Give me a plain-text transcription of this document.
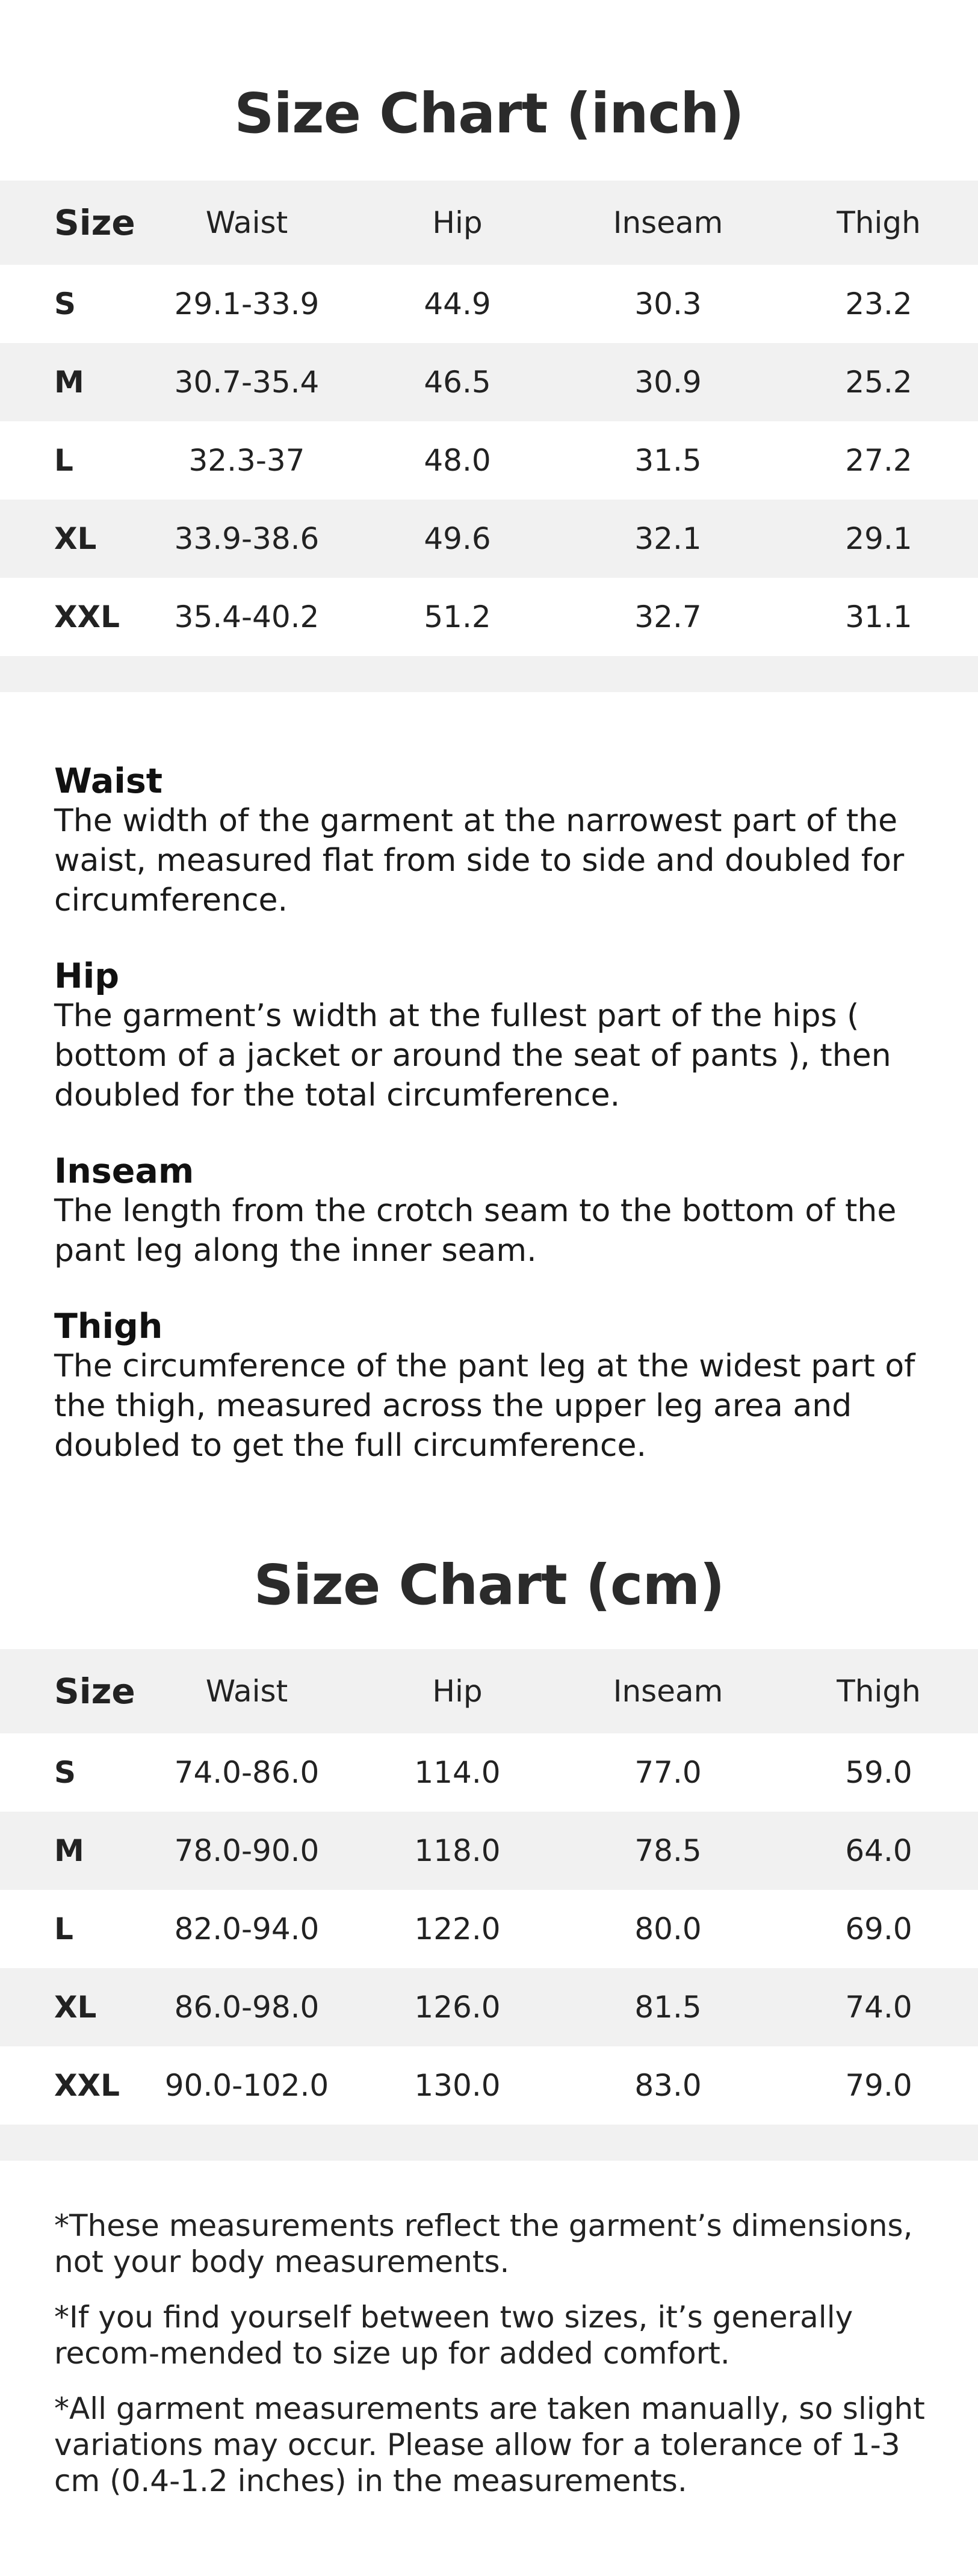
Size Chart (inch)
Size	Waist	Hip	Inseam	Thigh
S	29.1-33.9	44.9	30.3	23.2
M	30.7-35.4	46.5	30.9	25.2
L	32.3-37	48.0	31.5	27.2
XL	33.9-38.6	49.6	32.1	29.1
XXL	35.4-40.2	51.2	32.7	31.1
Waist
The width of the garment at the narrowest part of the waist, measured flat from side to side and doubled for circumference.
Hip
The garment’s width at the fullest part of the hips ( bottom of a jacket or around the seat of pants ), then doubled for the total circumference.
Inseam
The length from the crotch seam to the bottom of the pant leg along the inner seam.
Thigh
The circumference of the pant leg at the widest part of the thigh, measured across the upper leg area and doubled to get the full circumference.
Size Chart (cm)
Size	Waist	Hip	Inseam	Thigh
S	74.0-86.0	114.0	77.0	59.0
M	78.0-90.0	118.0	78.5	64.0
L	82.0-94.0	122.0	80.0	69.0
XL	86.0-98.0	126.0	81.5	74.0
XXL	90.0-102.0	130.0	83.0	79.0

*These measurements reflect the garment’s dimensions, not your body measurements.

*If you find yourself between two sizes, it’s generally recom-mended to size up for added comfort.

*All garment measurements are taken manually, so slight variations may occur. Please allow for a tolerance of 1-3 cm (0.4-1.2 inches) in the measurements.
